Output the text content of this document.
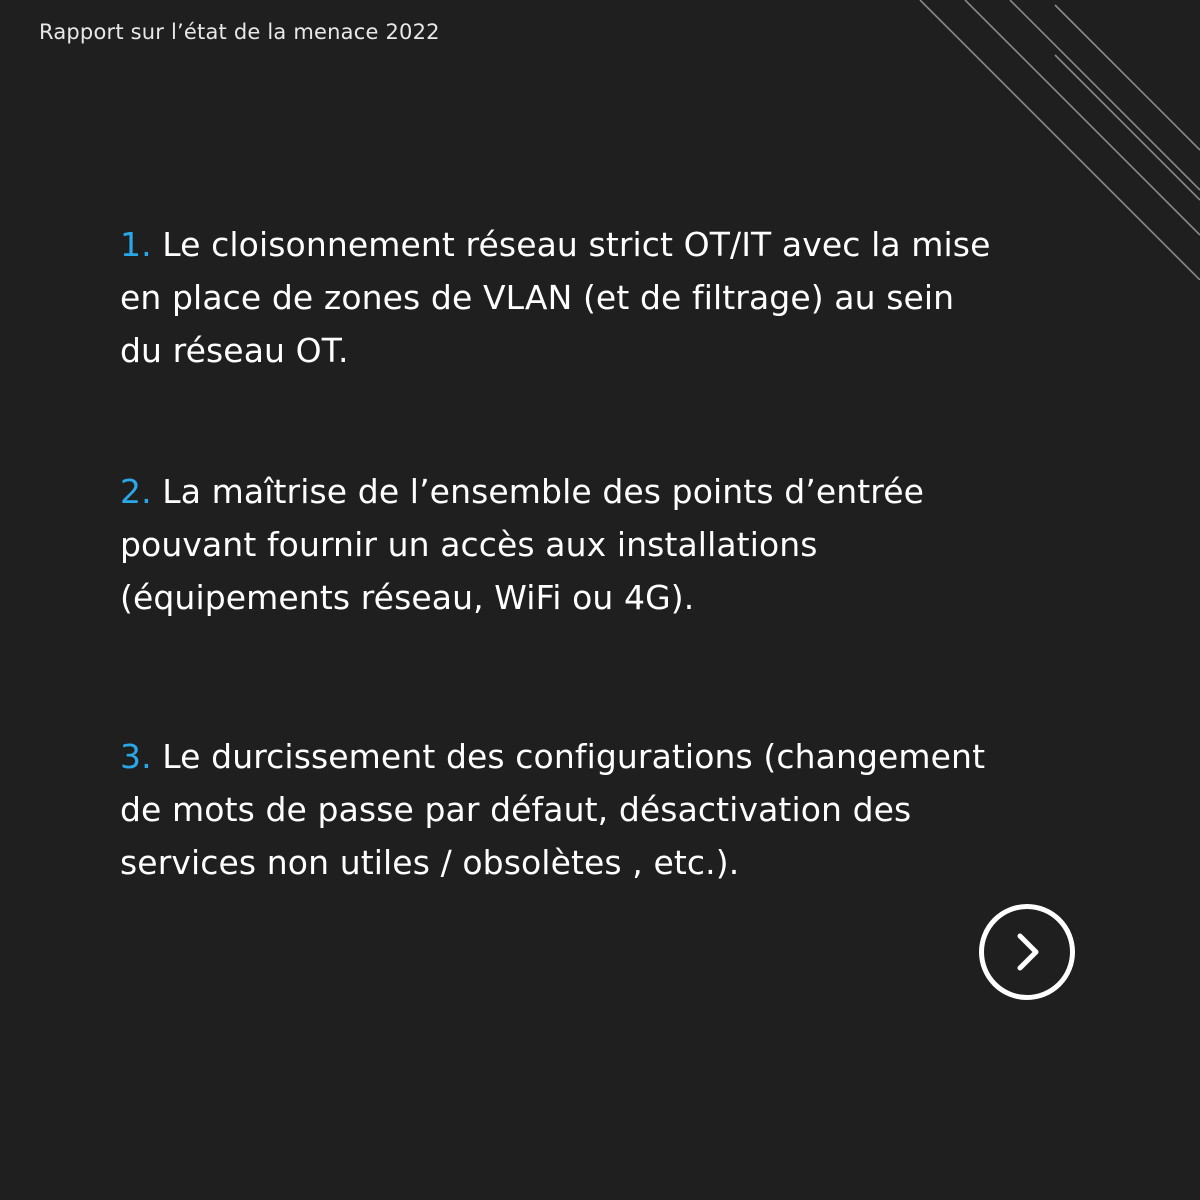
Rapport sur l’état de la menace 2022
1. Le cloisonnement réseau strict OT/IT avec la mise
en place de zones de VLAN (et de filtrage) au sein
du réseau OT.
2. La maîtrise de l’ensemble des points d’entrée
pouvant fournir un accès aux installations
(équipements réseau, WiFi ou 4G).
3. Le durcissement des configurations (changement
de mots de passe par défaut, désactivation des
services non utiles / obsolètes , etc.).
